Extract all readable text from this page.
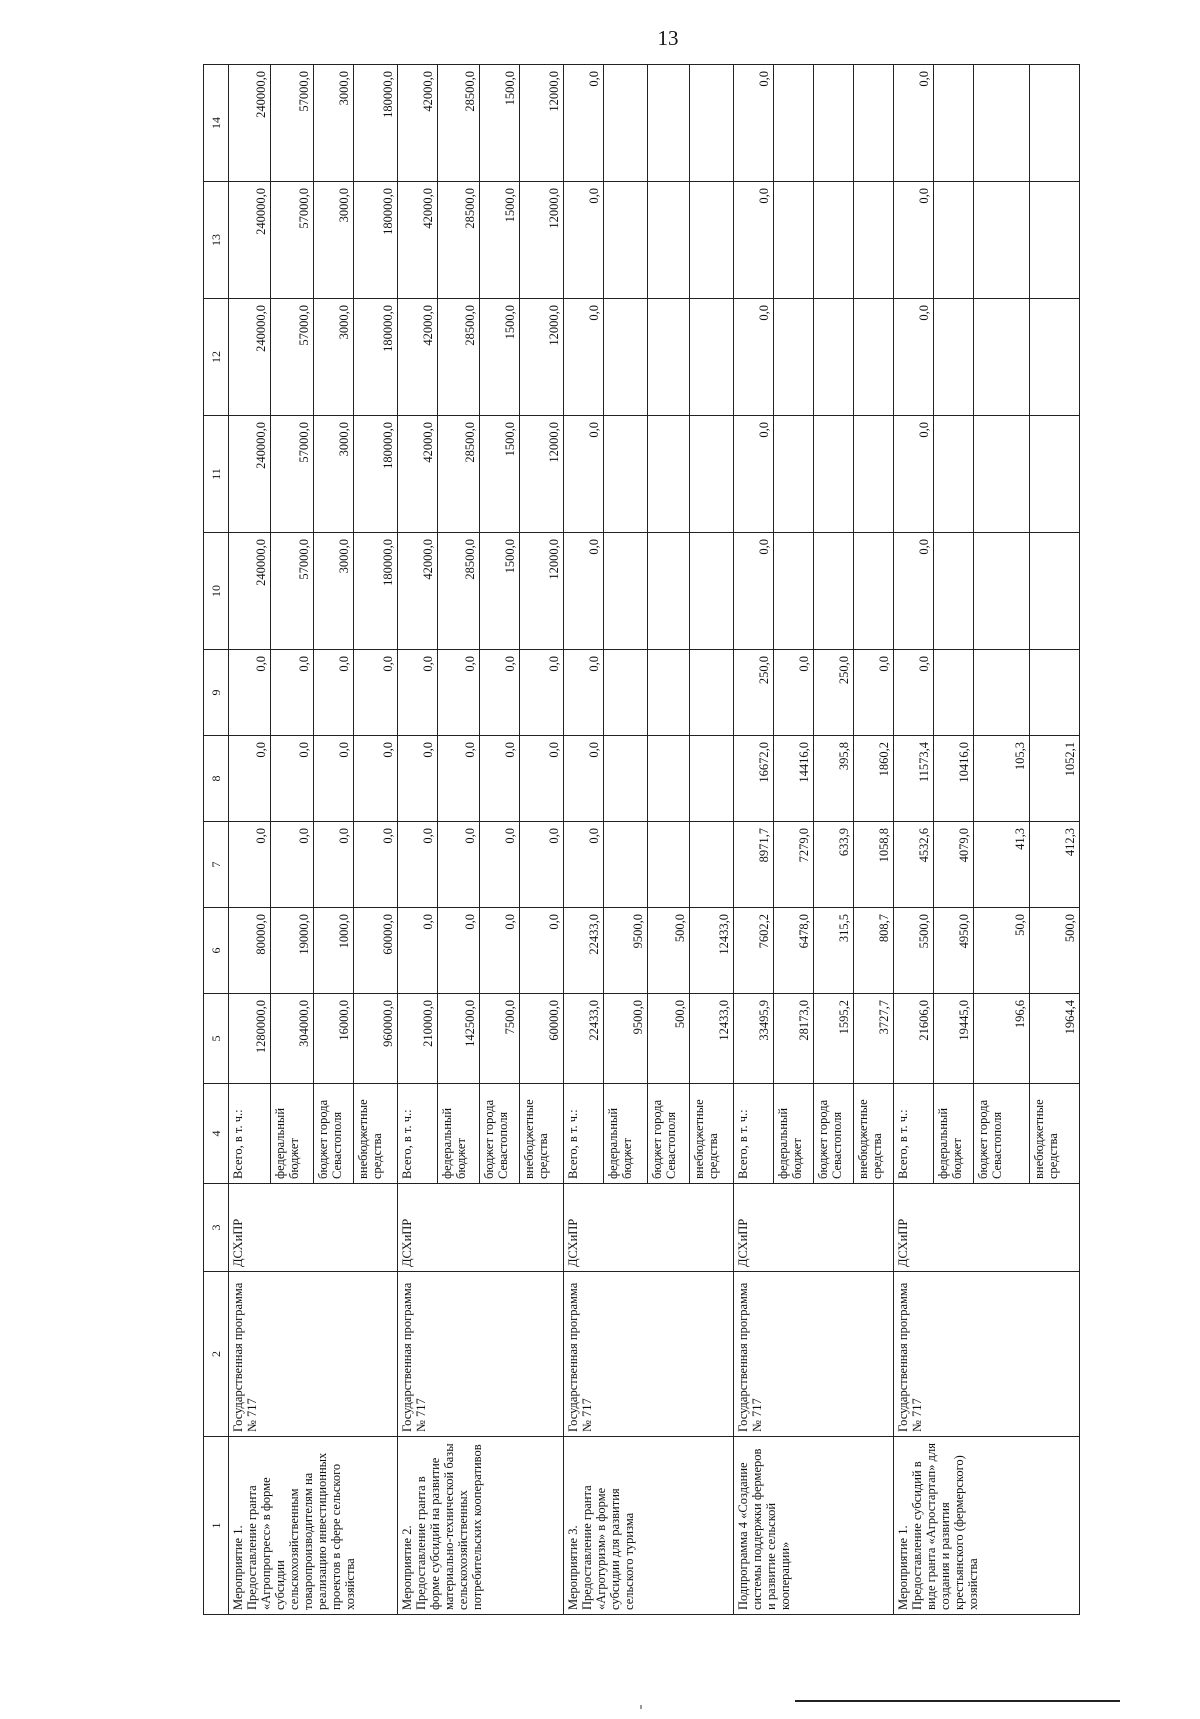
13
1	2	3	4	5	6	7	8	9	10	11	12	13	14
Мероприятие 1. Предоставление гранта «Агропрогресс» в форме субсидии сельскохозяйственным товаропроизводителям на реализацию инвестиционных проектов в сфере сельского хозяйства	Государственная программа № 717	ДСХиПР	Всего, в т. ч.:	1280000,0	80000,0	0,0	0,0	0,0	240000,0	240000,0	240000,0	240000,0	240000,0
			федеральный бюджет	304000,0	19000,0	0,0	0,0	0,0	57000,0	57000,0	57000,0	57000,0	57000,0
			бюджет города Севастополя	16000,0	1000,0	0,0	0,0	0,0	3000,0	3000,0	3000,0	3000,0	3000,0
			внебюджетные средства	960000,0	60000,0	0,0	0,0	0,0	180000,0	180000,0	180000,0	180000,0	180000,0
Мероприятие 2. Предоставление гранта в форме субсидий на развитие материально-технической базы сельскохозяйственных потребительских кооперативов	Государственная программа № 717	ДСХиПР	Всего, в т. ч.:	210000,0	0,0	0,0	0,0	0,0	42000,0	42000,0	42000,0	42000,0	42000,0
			федеральный бюджет	142500,0	0,0	0,0	0,0	0,0	28500,0	28500,0	28500,0	28500,0	28500,0
			бюджет города Севастополя	7500,0	0,0	0,0	0,0	0,0	1500,0	1500,0	1500,0	1500,0	1500,0
			внебюджетные средства	60000,0	0,0	0,0	0,0	0,0	12000,0	12000,0	12000,0	12000,0	12000,0
Мероприятие 3. Предоставление гранта «Агротуризм» в форме субсидии для развития сельского туризма	Государственная программа № 717	ДСХиПР	Всего, в т. ч.:	22433,0	22433,0	0,0	0,0	0,0	0,0	0,0	0,0	0,0	0,0
			федеральный бюджет	9500,0	9500,0								
			бюджет города Севастополя	500,0	500,0								
			внебюджетные средства	12433,0	12433,0								
Подпрограмма 4 «Создание системы поддержки фермеров и развитие сельской кооперации»	Государственная программа № 717	ДСХиПР	Всего, в т. ч.:	33495,9	7602,2	8971,7	16672,0	250,0	0,0	0,0	0,0	0,0	0,0
			федеральный бюджет	28173,0	6478,0	7279,0	14416,0	0,0					
			бюджет города Севастополя	1595,2	315,5	633,9	395,8	250,0					
			внебюджетные средства	3727,7	808,7	1058,8	1860,2	0,0					
Мероприятие 1. Предоставление субсидий в виде гранта «Агростартап» для создания и развития крестьянского (фермерского) хозяйства	Государственная программа № 717	ДСХиПР	Всего, в т. ч.:	21606,0	5500,0	4532,6	11573,4	0,0	0,0	0,0	0,0	0,0	0,0
			федеральный бюджет	19445,0	4950,0	4079,0	10416,0						
			бюджет города Севастополя	196,6	50,0	41,3	105,3						
			внебюджетные средства	1964,4	500,0	412,3	1052,1						
